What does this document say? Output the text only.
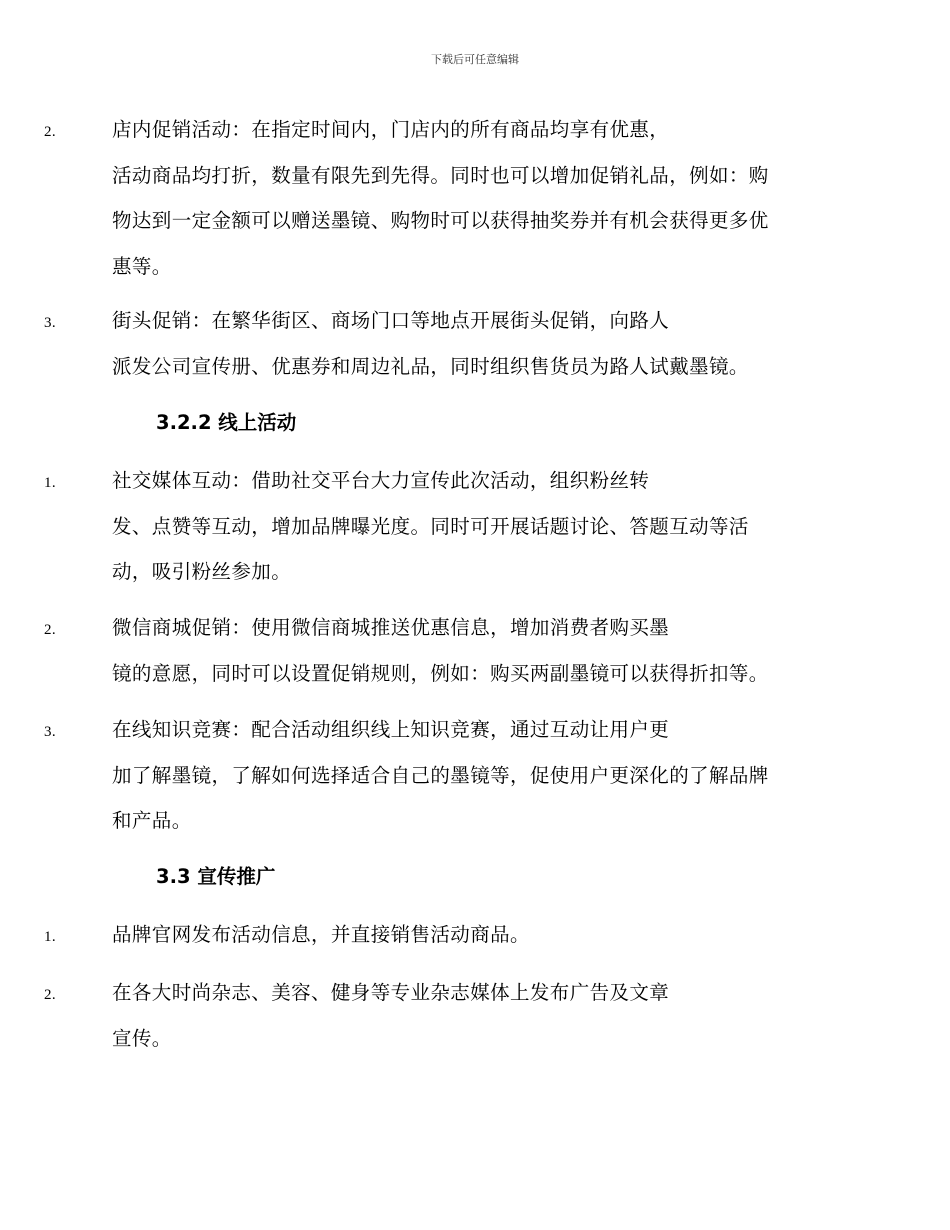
下载后可任意编辑
2.	店内促销活动：在指定时间内，门店内的所有商品均享有优惠，
活动商品均打折，数量有限先到先得。同时也可以增加促销礼品，例如：购
物达到一定金额可以赠送墨镜、购物时可以获得抽奖券并有机会获得更多优
惠等。
3.	街头促销：在繁华街区、商场门口等地点开展街头促销，向路人
派发公司宣传册、优惠券和周边礼品，同时组织售货员为路人试戴墨镜。
3.2.2 线上活动
1.	社交媒体互动：借助社交平台大力宣传此次活动，组织粉丝转
发、点赞等互动，增加品牌曝光度。同时可开展话题讨论、答题互动等活
动，吸引粉丝参加。
2.	微信商城促销：使用微信商城推送优惠信息，增加消费者购买墨
镜的意愿，同时可以设置促销规则，例如：购买两副墨镜可以获得折扣等。
3.	在线知识竞赛：配合活动组织线上知识竞赛，通过互动让用户更
加了解墨镜，了解如何选择适合自己的墨镜等，促使用户更深化的了解品牌
和产品。
3.3 宣传推广
1.	品牌官网发布活动信息，并直接销售活动商品。
2.	在各大时尚杂志、美容、健身等专业杂志媒体上发布广告及文章
宣传。
